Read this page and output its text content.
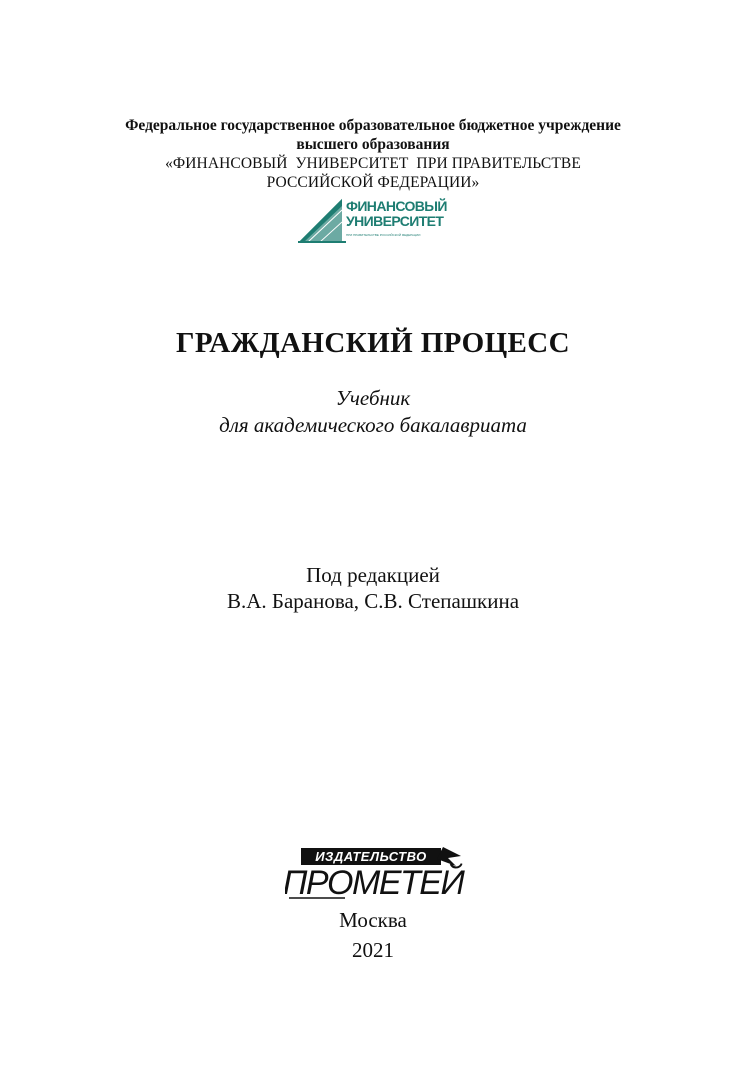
Федеральное государственное образовательное бюджетное учреждение
высшего образования
«ФИНАНСОВЫЙ  УНИВЕРСИТЕТ  ПРИ ПРАВИТЕЛЬСТВЕ
РОССИЙСКОЙ ФЕДЕРАЦИИ»
ФИНАНСОВЫЙ
УНИВЕРСИТЕТ
ПРИ ПРАВИТЕЛЬСТВЕ РОССИЙСКОЙ ФЕДЕРАЦИИ
ГРАЖДАНСКИЙ ПРОЦЕСС
Учебник
для академического бакалавриата
Под редакцией
В.А. Баранова, С.В. Степашкина
ИЗДАТЕЛЬСТВО
ПРОМЕТЕЙ
Москва
2021
